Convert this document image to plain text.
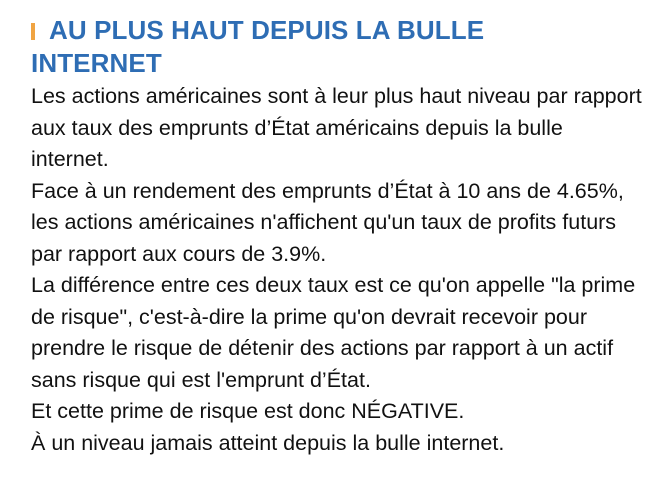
AU PLUS HAUT DEPUIS LA BULLE
INTERNET

Les actions américaines sont à leur plus haut niveau par rapport aux taux des emprunts d’État américains depuis la bulle internet.

Face à un rendement des emprunts d’État à 10 ans de 4.65%, les actions américaines n'affichent qu'un taux de profits futurs par rapport aux cours de 3.9%.

La différence entre ces deux taux est ce qu'on appelle "la prime de risque", c'est-à-dire la prime qu'on devrait recevoir pour prendre le risque de détenir des actions par rapport à un actif sans risque qui est l'emprunt d’État.

Et cette prime de risque est donc NÉGATIVE.

À un niveau jamais atteint depuis la bulle internet.
